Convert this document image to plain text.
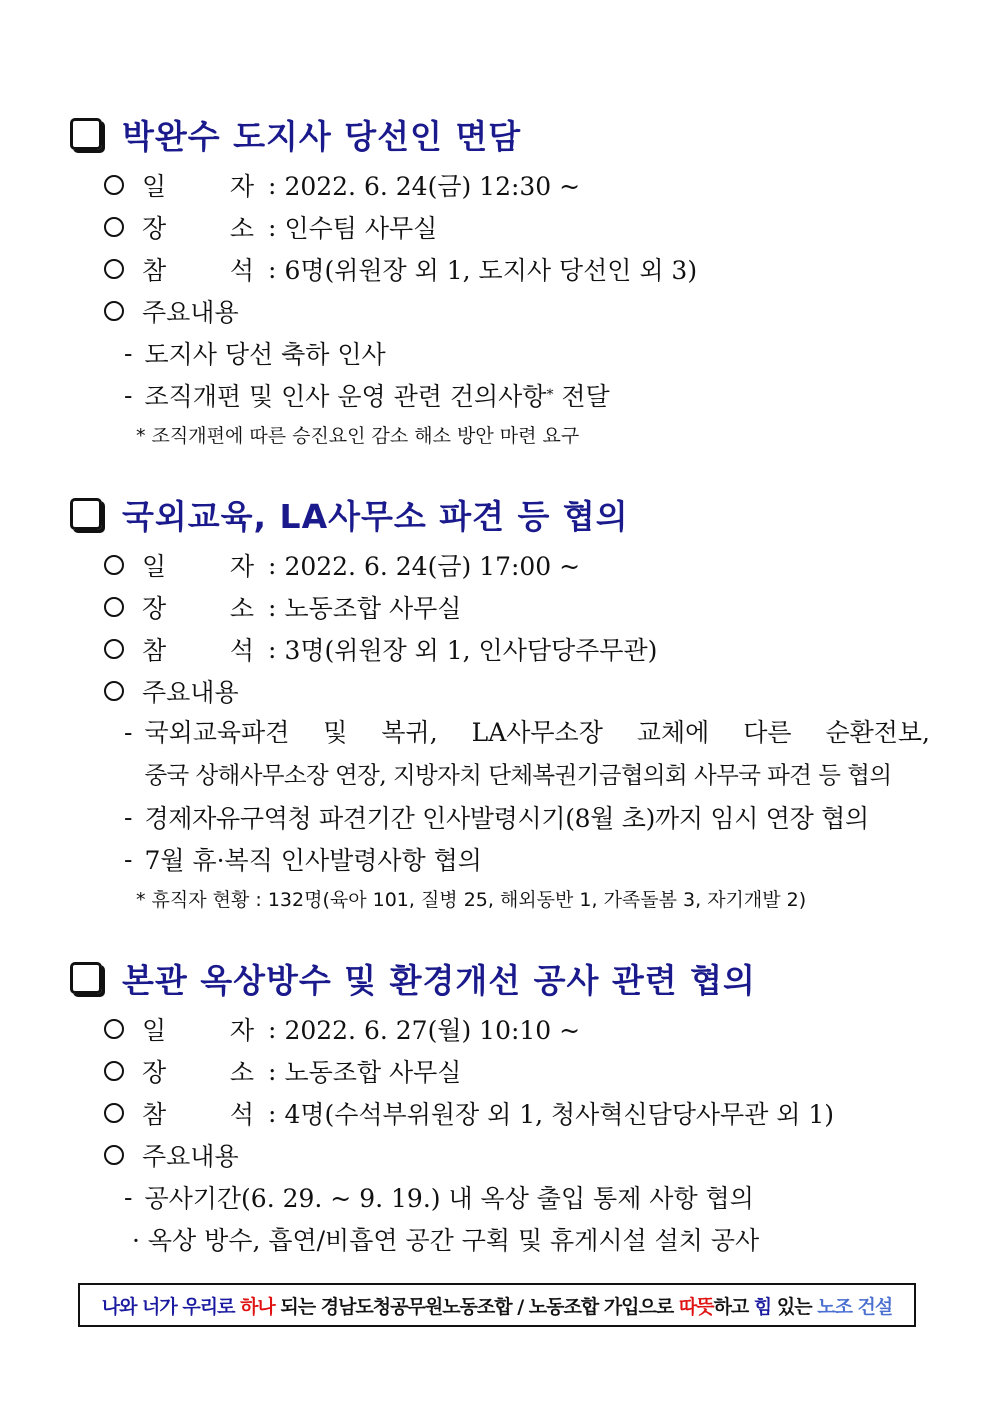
박완수 도지사 당선인 면담
일	자 : 2022. 6. 24(금) 12:30 ~
장	소 : 인수팀 사무실
참	석 : 6명(위원장 외 1, 도지사 당선인 외 3)
주요내용
- 도지사 당선 축하 인사
- 조직개편 및 인사 운영 관련 건의사항 *
전달
* 조직개편에 따른 승진요인 감소 해소 방안 마련 요구
국외교육, LA사무소 파견 등 협의
일	자 : 2022. 6. 24(금) 17:00 ~
장	소 : 노동조합 사무실
참	석 : 3명(위원장 외 1, 인사담당주무관)
주요내용
- 국외교육파견 및 복귀, LA사무소장 교체에 다른 순환전보,
중국 상해사무소장 연장, 지방자치 단체복권기금협의회 사무국 파견 등 협의
- 경제자유구역청 파견기간 인사발령시기(8월 초)까지 임시 연장 협의
- 7월 휴·복직 인사발령사항 협의
* 휴직자 현황 : 132명(육아 101, 질병 25, 해외동반 1, 가족돌봄 3, 자기개발 2)
본관 옥상방수 및 환경개선 공사 관련 협의
일	자 : 2022. 6. 27(월) 10:10 ~
장	소 : 노동조합 사무실
참	석 : 4명(수석부위원장 외 1, 청사혁신담당사무관 외 1)
주요내용
- 공사기간(6. 29. ~ 9. 19.) 내 옥상 출입 통제 사항 협의
· 옥상 방수, 흡연/비흡연 공간 구획 및 휴게시설 설치 공사
나와 너가 우리로 하나 되는 경남도청공무원노동조합 / 노동조합 가입으로 따뜻 하고 힘 있는 노조 건설
